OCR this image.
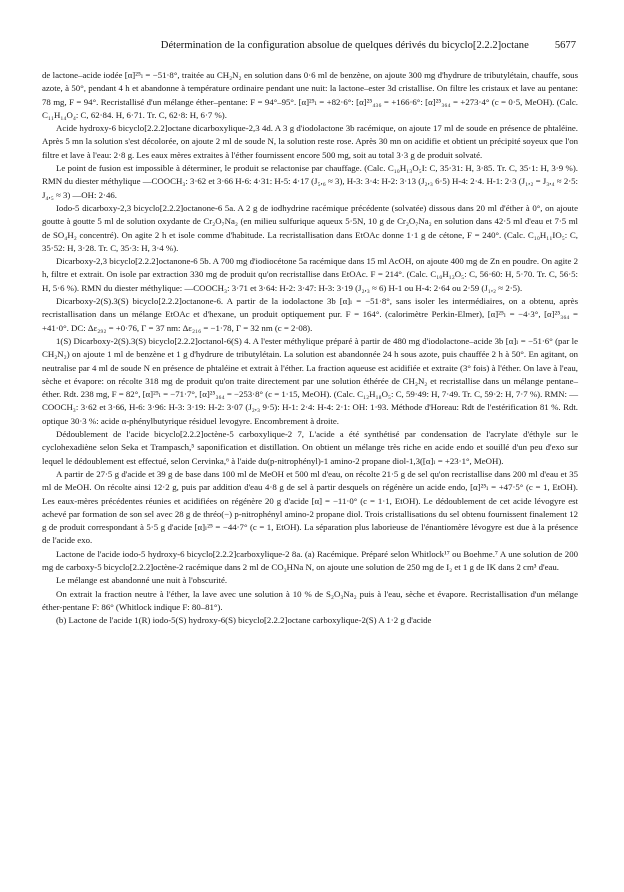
Détermination de la configuration absolue de quelques dérivés du bicyclo[2.2.2]octane 5677

de lactone–acide iodée [α]²⁵ₗ = −51·8°, traitée au CH₂N₂ en solution dans 0·6 ml de benzène, on ajoute 300 mg d'hydrure de tributylétain, chauffe, sous azote, à 50°, pendant 4 h et abandonne à température ordinaire pendant une nuit: la lactone–ester 3d cristallise. On filtre les cristaux et lave au pentane: 78 mg, F = 94°. Recristallisé d'un mélange éther–pentane: F = 94°–95°. [α]²⁵ₗ = +82·6°: [α]²⁵₄₃₆ = +166·6°: [α]²⁵₃₆₄ = +273·4° (c = 0·5, MeOH). (Calc. C₁₁H₁₄O₄: C, 62·84. H, 6·71. Tr. C, 62·8: H, 6·7 %).

Acide hydroxy-6 bicyclo[2.2.2]octane dicarboxylique-2,3 4d. A 3 g d'iodolactone 3b racémique, on ajoute 17 ml de soude en présence de phtaléine. Après 5 mn la solution s'est décolorée, on ajoute 2 ml de soude N, la solution reste rose. Après 30 mn on acidifie et obtient un précipité soyeux que l'on filtre et lave à l'eau: 2·8 g. Les eaux mères extraites à l'éther fournissent encore 500 mg, soit au total 3·3 g de produit solvaté.

Le point de fusion est impossible à déterminer, le produit se relactonise par chauffage. (Calc. C₁₀H₁₃O₅I: C, 35·31: H, 3·85. Tr. C, 35·1: H, 3·9 %). RMN du diester méthylique —COOCH₃: 3·62 et 3·66 H-6: 4·31: H-5: 4·17 (J₅,₆ ≈ 3), H-3: 3·4: H-2: 3·13 (J₂,₃ 6·5) H-4: 2·4. H-1: 2·3 (J₁,₂ = J₃,₄ ≈ 2·5: J₄,₅ ≈ 3) —OH: 2·46.

Iodo-5 dicarboxy-2,3 bicyclo[2.2.2]octanone-6 5a. A 2 g de iodhydrine racémique précédente (solvatée) dissous dans 20 ml d'éther à 0°, on ajoute goutte à goutte 5 ml de solution oxydante de Cr₂O₇Na₂ (en milieu sulfurique aqueux 5·5N, 10 g de Cr₂O₇Na₂ en solution dans 42·5 ml d'eau et 7·5 ml de SO₄H₂ concentré). On agite 2 h et isole comme d'habitude. La recristallisation dans EtOAc donne 1·1 g de cétone, F = 240°. (Calc. C₁₀H₁₁IO₅: C, 35·52: H, 3·28. Tr. C, 35·3: H, 3·4 %).

Dicarboxy-2,3 bicyclo[2.2.2]octanone-6 5b. A 700 mg d'iodiocétone 5a racémique dans 15 ml AcOH, on ajoute 400 mg de Zn en poudre. On agite 2 h, filtre et extrait. On isole par extraction 330 mg de produit qu'on recristallise dans EtOAc. F = 214°. (Calc. C₁₀H₁₂O₅: C, 56·60: H, 5·70. Tr. C, 56·5: H, 5·6 %). RMN du diester méthylique: —COOCH₃: 3·71 et 3·64: H-2: 3·47: H-3: 3·19 (J₂,₃ ≈ 6) H-1 ou H-4: 2·64 ou 2·59 (J₁,₂ ≈ 2·5).

Dicarboxy-2(S).3(S) bicyclo[2.2.2]octanone-6. A partir de la iodolactone 3b [α]ₗ = −51·8°, sans isoler les intermédiaires, on a obtenu, après recristallisation dans un mélange EtOAc et d'hexane, un produit optiquement pur. F = 164°. (calorimètre Perkin-Elmer), [α]²⁵ₗ = −4·3°, [α]²⁵₃₆₄ = +41·0°. DC: Δε₂₉₂ = +0·76, Γ = 37 nm: Δε₂₁₆ = −1·78, Γ = 32 nm (c = 2·08).

1(S) Dicarboxy-2(S).3(S) bicyclo[2.2.2]octanol-6(S) 4. A l'ester méthylique préparé à partir de 480 mg d'iodolactone–acide 3b [α]ₗ = −51·6° (par le CH₂N₂) on ajoute 1 ml de benzène et 1 g d'hydrure de tributylétain. La solution est abandonnée 24 h sous azote, puis chauffée 2 h à 50°. En agitant, on neutralise par 4 ml de soude N en présence de phtaléine et extrait à l'éther. La fraction aqueuse est acidifiée et extraite (3° fois) à l'éther. On lave à l'eau, sèche et évapore: on récolte 318 mg de produit qu'on traite directement par une solution éthérée de CH₂N₂ et recristallise dans un mélange pentane–éther. Rdt. 238 mg, F = 82°, [α]²⁵ₗ = −71·7°, [α]²⁵₃₆₄ = −253·8° (c = 1·15, MeOH). (Calc. C₁₂H₁₈O₅: C, 59·49: H, 7·49. Tr. C, 59·2: H, 7·7 %). RMN: —COOCH₃: 3·62 et 3·66, H-6: 3·96: H-3: 3·19: H-2: 3·07 (J₂,₃ 9·5): H-1: 2·4: H-4: 2·1: OH: 1·93. Méthode d'Horeau: Rdt de l'estérification 81 %. Rdt. optique 30·3 %: acide α-phénylbutyrique résiduel levogyre. Encombrement à droite.

Dédoublement de l'acide bicyclo[2.2.2]octène-5 carboxylique-2 7, L'acide a été synthétisé par condensation de l'acrylate d'éthyle sur le cyclohexadiène selon Seka et Trampasch,⁵ saponification et distillation. On obtient un mélange très riche en acide endo et souillé d'un peu d'exo sur lequel le dédoublement est effectué, selon Cervinka,⁶ à l'aide du(p-nitrophényl)-1 amino-2 propane diol-1,3([α]ₗ = +23·1°, MeOH).

A partir de 27·5 g d'acide et 39 g de base dans 100 ml de MeOH et 500 ml d'eau, on récolte 21·5 g de sel qu'on recristallise dans 200 ml d'eau et 35 ml de MeOH. On récolte ainsi 12·2 g, puis par addition d'eau 4·8 g de sel à partir desquels on régénère un acide endo, [α]²⁵ₗ = +47·5° (c = 1, EtOH). Les eaux-mères précédentes réunies et acidifiées on régénère 20 g d'acide [α] = −11·0° (c = 1·1, EtOH). Le dédoublement de cet acide lévogyre est achevé par formation de son sel avec 28 g de thréo(−) p-nitrophényl amino-2 propane diol. Trois cristallisations du sel obtenu fournissent finalement 12 g de produit correspondant à 5·5 g d'acide [α]ₗ²⁵ = −44·7° (c = 1, EtOH). La séparation plus laborieuse de l'énantiomère lévogyre est due à la présence de l'acide exo.

Lactone de l'acide iodo-5 hydroxy-6 bicyclo[2.2.2]carboxylique-2 8a. (a) Racémique. Préparé selon Whitlock¹⁷ ou Boehme.⁷ A une solution de 200 mg de carboxy-5 bicyclo[2.2.2]octène-2 racémique dans 2 ml de CO₃HNa N, on ajoute une solution de 250 mg de I₂ et 1 g de IK dans 2 cm³ d'eau.

Le mélange est abandonné une nuit à l'obscurité.

On extrait la fraction neutre à l'éther, la lave avec une solution à 10 % de S₂O₃Na₂ puis à l'eau, sèche et évapore. Recristallisation d'un mélange éther-pentane F: 86° (Whitlock indique F: 80–81°).

(b) Lactone de l'acide 1(R) iodo-5(S) hydroxy-6(S) bicyclo[2.2.2]octane carboxylique-2(S) A 1·2 g d'acide
